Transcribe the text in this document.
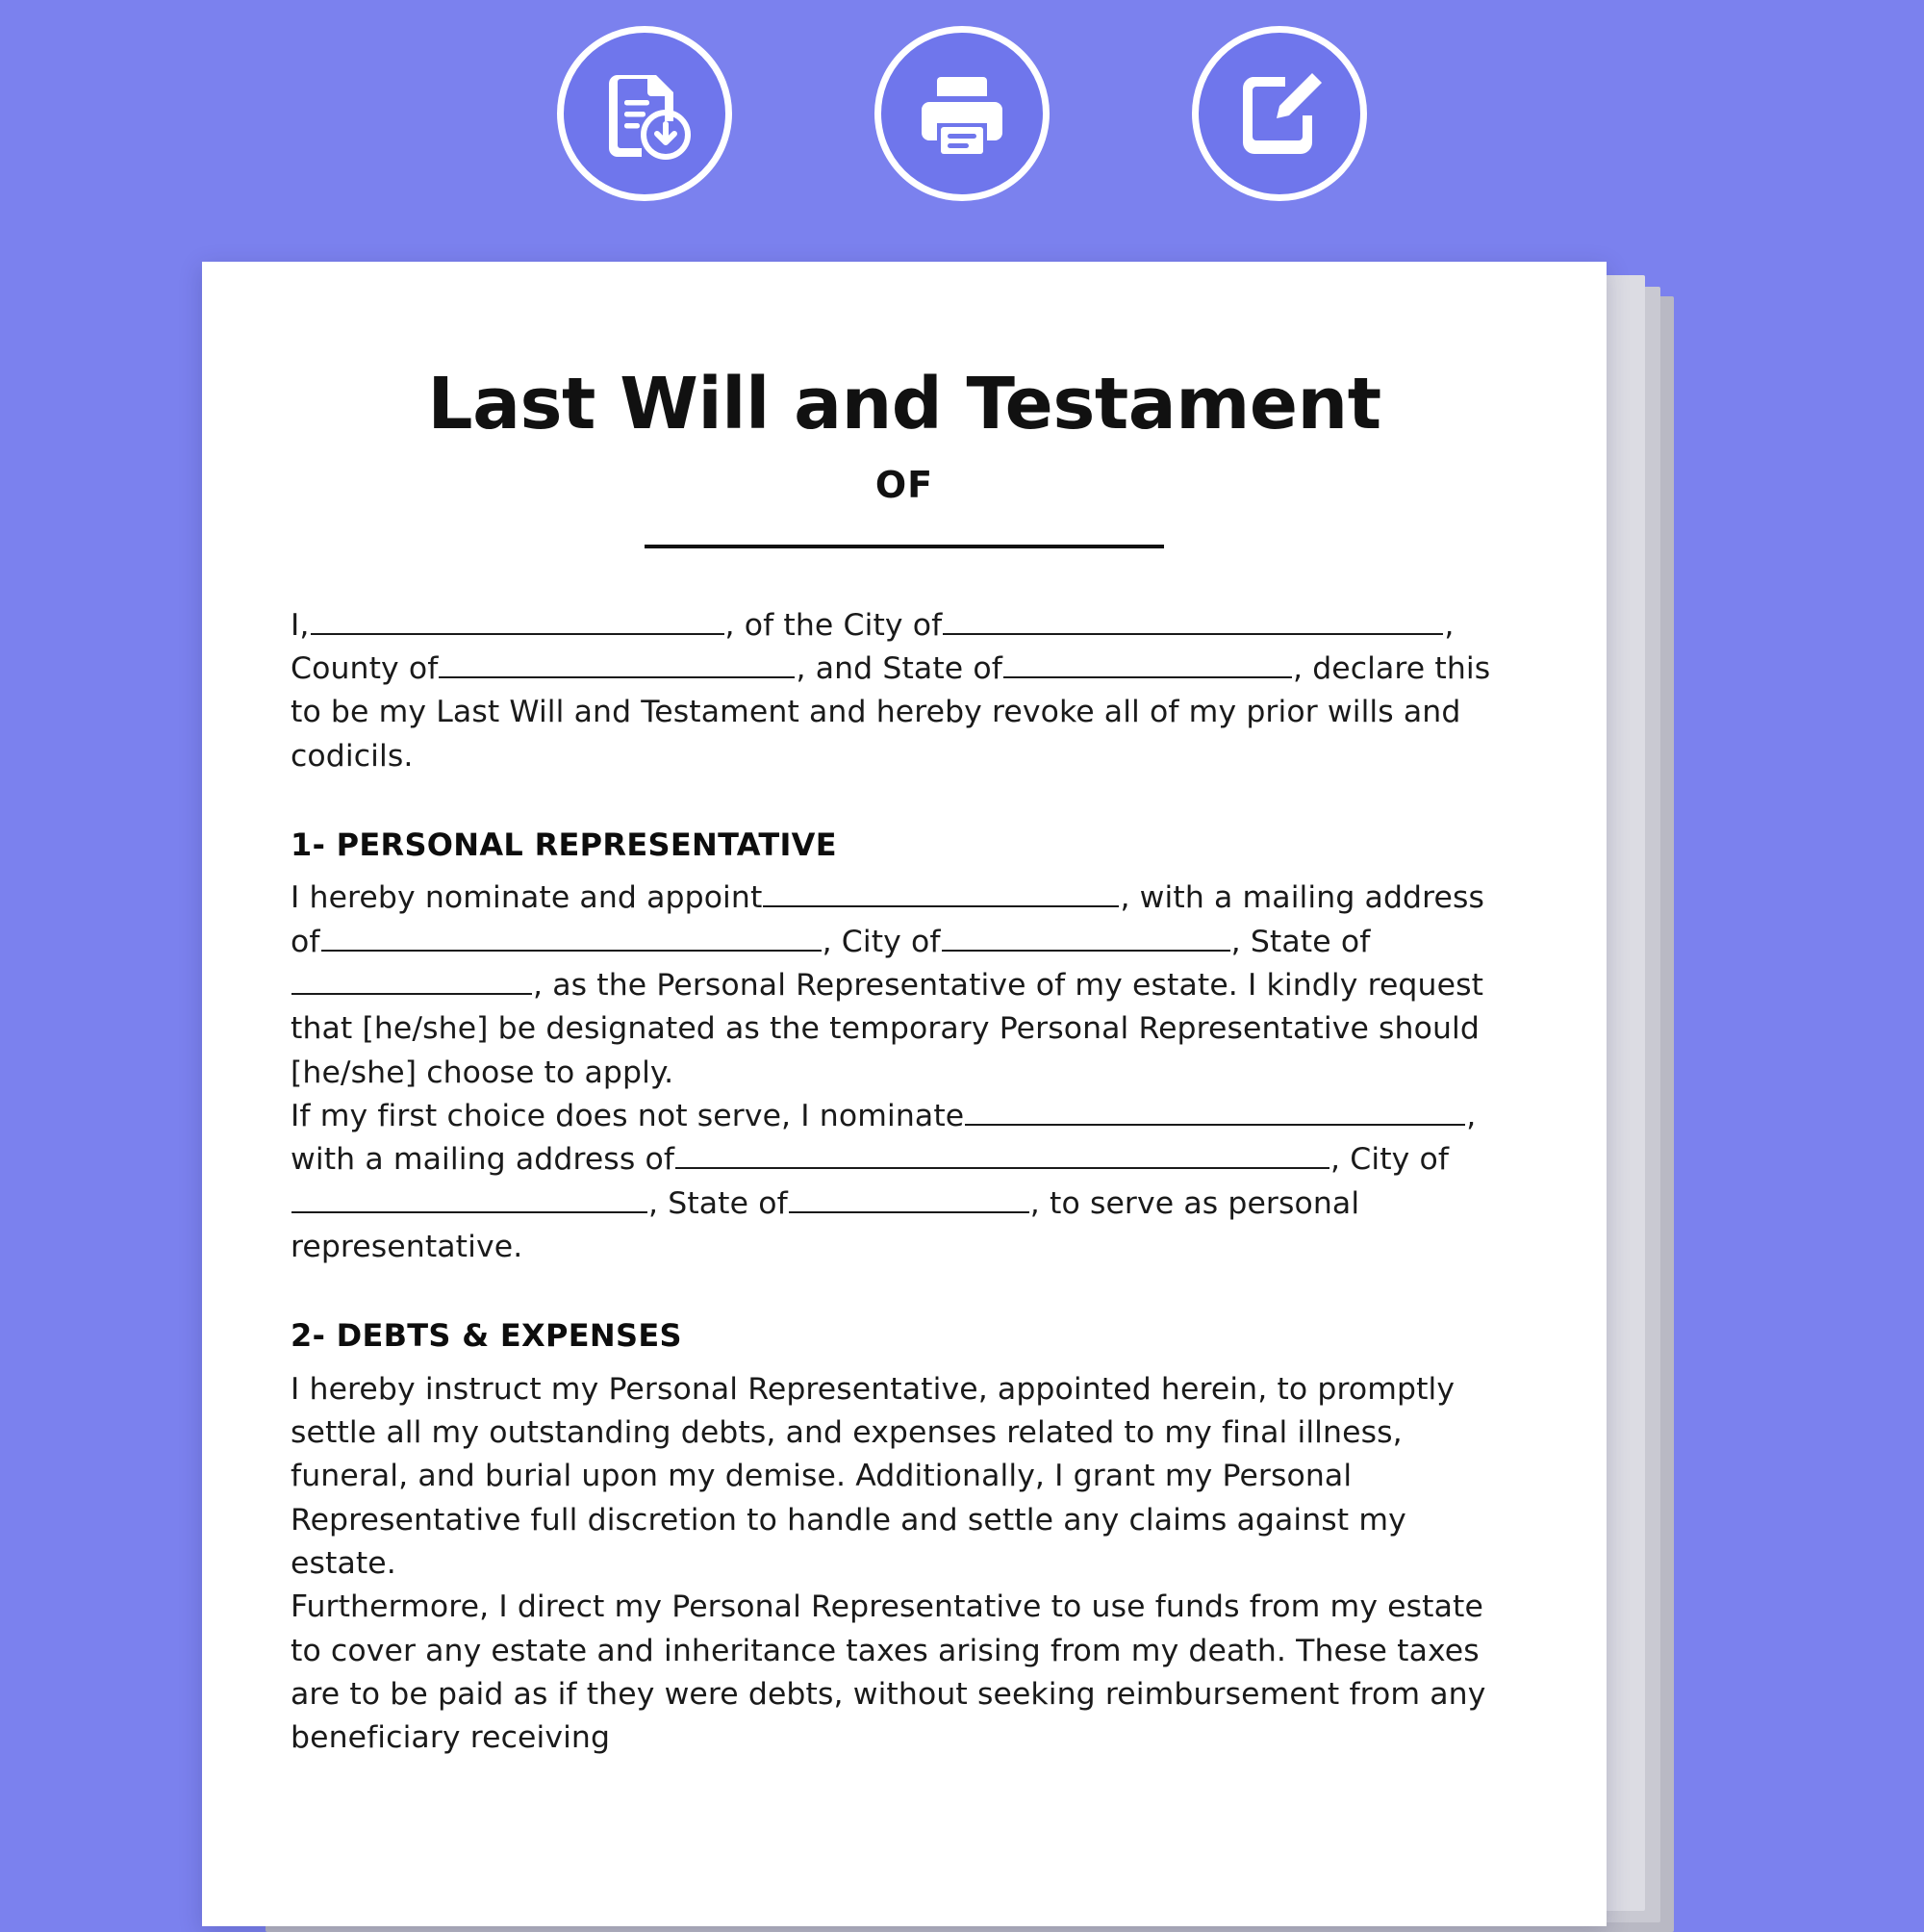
Last Will and Testament
OF

I,	, of the City of	, County of	, and State of	, declare this to be my Last Will and Testament and hereby revoke all of my prior wills and codicils.

1- PERSONAL REPRESENTATIVE

I hereby nominate and appoint	, with a mailing address of	, City of	, State of, as the Personal Representative of my estate. I kindly request that [he/she] be designated as the temporary Personal Representative should [he/she] choose to apply.

If my first choice does not serve, I nominate	, with a mailing address of	, City of, State of	, to serve as personal representative.

2- DEBTS & EXPENSES

I hereby instruct my Personal Representative, appointed herein, to promptly settle all my outstanding debts, and expenses related to my final illness, funeral, and burial upon my demise. Additionally, I grant my Personal Representative full discretion to handle and settle any claims against my estate.

Furthermore, I direct my Personal Representative to use funds from my estate to cover any estate and inheritance taxes arising from my death. These taxes are to be paid as if they were debts, without seeking reimbursement from any beneficiary receiving
